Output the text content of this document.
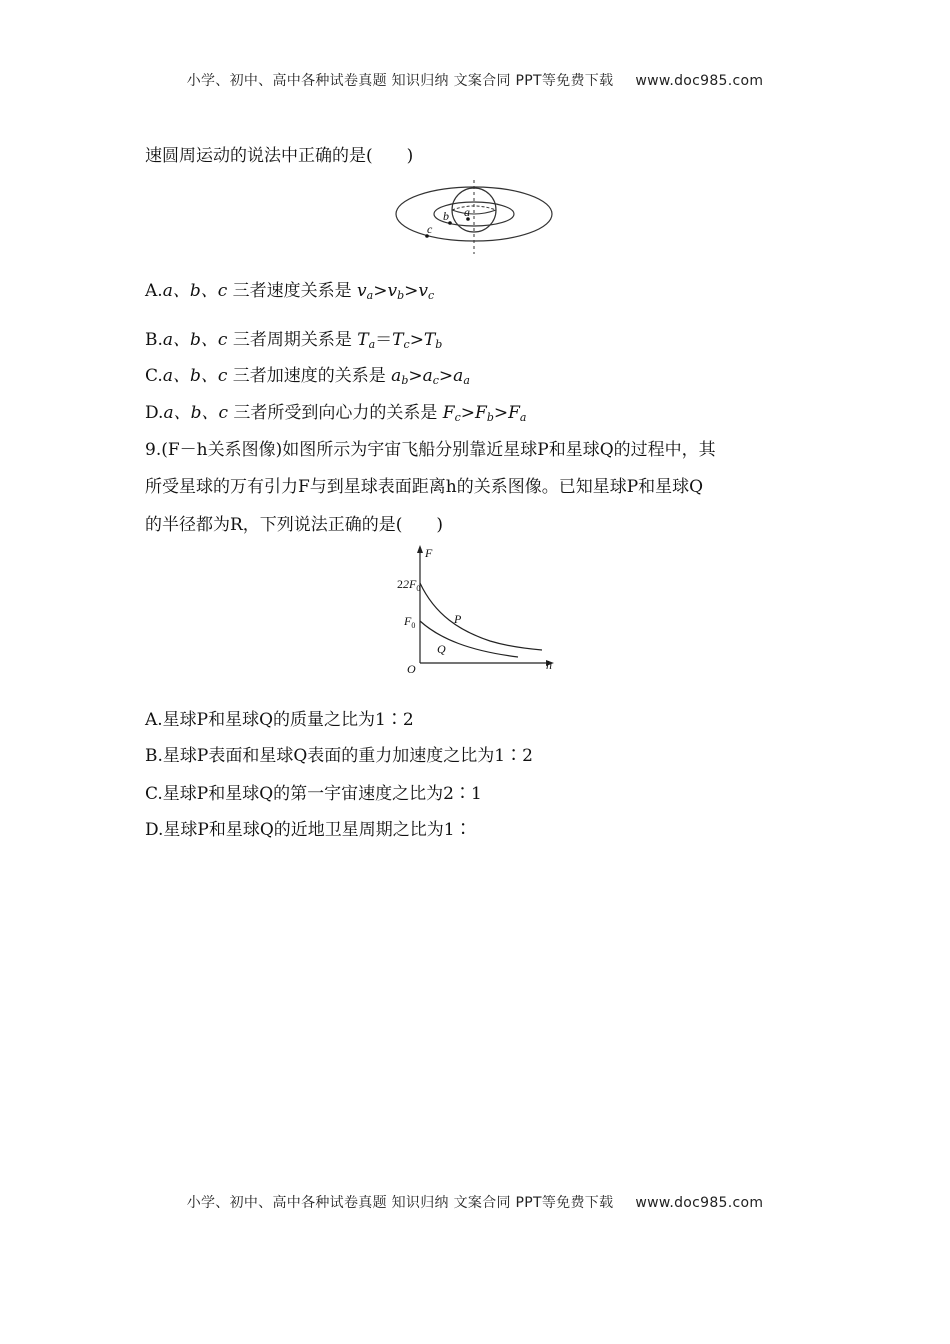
小学、初中、高中各种试卷真题 知识归纳 文案合同 PPT等免费下载 www.doc985.com
速圆周运动的说法中正确的是(　　)
a
b
c
A.a、b、c 三者速度关系是 $v_a>v_b>v_c$
B.a、b、c 三者周期关系是 $T_a=T_c>T_b$
C.a、b、c 三者加速度的关系是 $a_b>a_c>a_a$
D.a、b、c 三者所受到向心力的关系是 $F_c>F_b>F_a$
9.(F－h关系图像)如图所示为宇宙飞船分别靠近星球P和星球Q的过程中，其
所受星球的万有引力F与到星球表面距离h的关系图像。已知星球P和星球Q
的半径都为R，下列说法正确的是(　　)
F
h
O
$22F_0$
$F_0$	P
Q
A.星球P和星球Q的质量之比为1∶2
B.星球P表面和星球Q表面的重力加速度之比为1∶2
C.星球P和星球Q的第一宇宙速度之比为2∶1
D.星球P和星球Q的近地卫星周期之比为1∶
小学、初中、高中各种试卷真题 知识归纳 文案合同 PPT等免费下载 www.doc985.com
